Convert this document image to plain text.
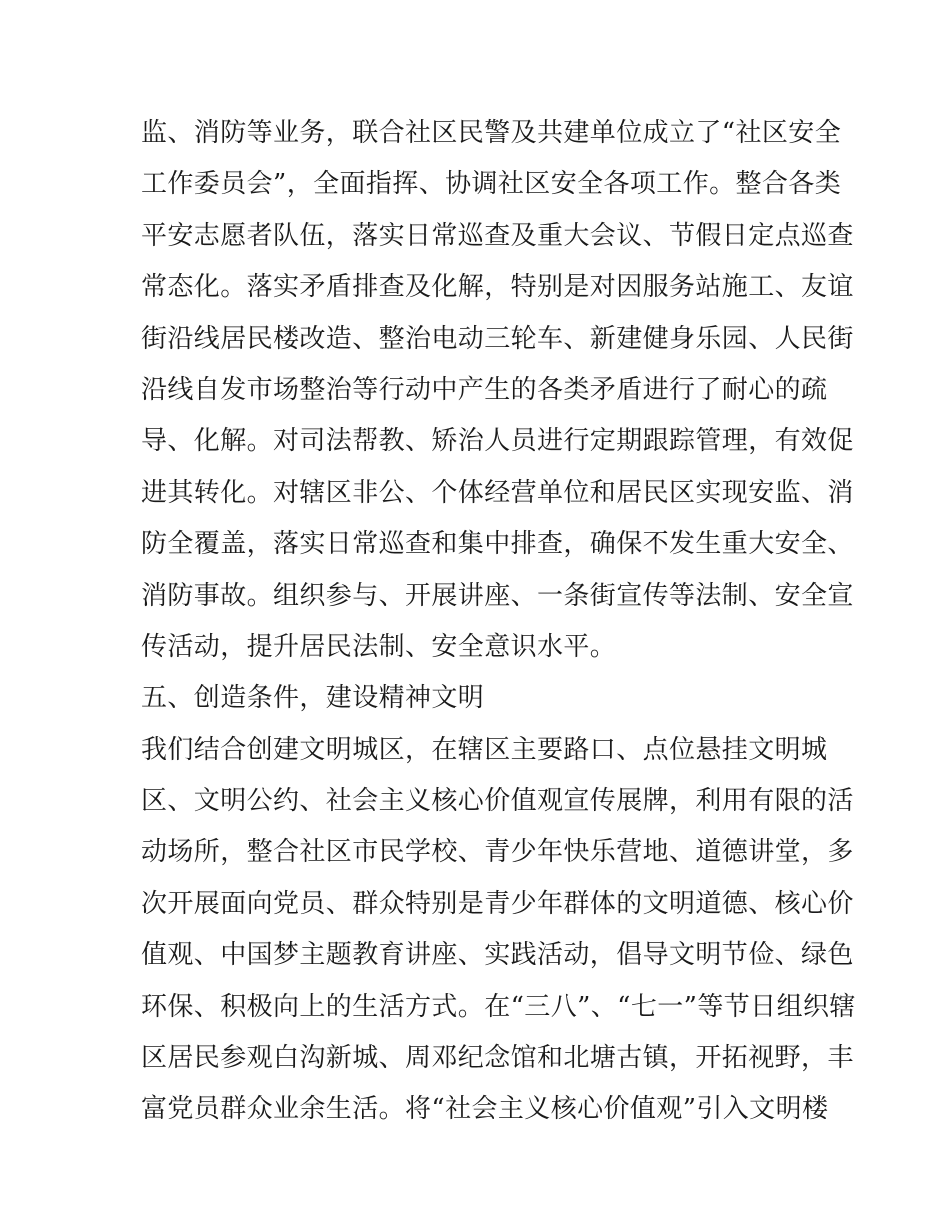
监、消防等业务，联合社区民警及共建单位成立了“社区安全
工作委员会”，全面指挥、协调社区安全各项工作。整合各类
平安志愿者队伍，落实日常巡查及重大会议、节假日定点巡查
常态化。落实矛盾排查及化解，特别是对因服务站施工、友谊
街沿线居民楼改造、整治电动三轮车、新建健身乐园、人民街
沿线自发市场整治等行动中产生的各类矛盾进行了耐心的疏
导、化解。对司法帮教、矫治人员进行定期跟踪管理，有效促
进其转化。对辖区非公、个体经营单位和居民区实现安监、消
防全覆盖，落实日常巡查和集中排查，确保不发生重大安全、
消防事故。组织参与、开展讲座、一条街宣传等法制、安全宣
传活动，提升居民法制、安全意识水平。
五、创造条件，建设精神文明
我们结合创建文明城区，在辖区主要路口、点位悬挂文明城
区、文明公约、社会主义核心价值观宣传展牌，利用有限的活
动场所，整合社区市民学校、青少年快乐营地、道德讲堂，多
次开展面向党员、群众特别是青少年群体的文明道德、核心价
值观、中国梦主题教育讲座、实践活动，倡导文明节俭、绿色
环保、积极向上的生活方式。在“三八”、“七一”等节日组织辖
区居民参观白沟新城、周邓纪念馆和北塘古镇，开拓视野，丰
富党员群众业余生活。将“社会主义核心价值观”引入文明楼
